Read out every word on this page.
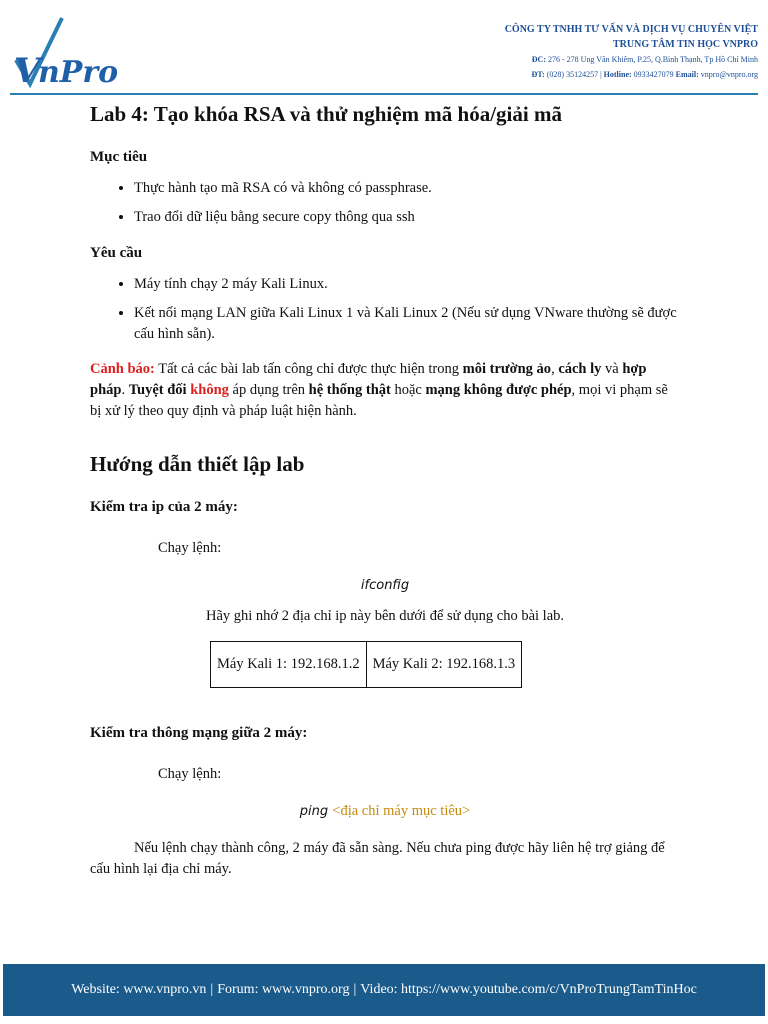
V
nPro
CÔNG TY TNHH TƯ VẤN VÀ DỊCH VỤ CHUYÊN VIỆT
TRUNG TÂM TIN HỌC VNPRO
ĐC: 276 - 278 Ung Văn Khiêm, P.25, Q.Bình Thạnh, Tp Hồ Chí Minh
ĐT: (028) 35124257 | Hotline: 0933427079 Email: vnpro@vnpro.org
Lab 4: Tạo khóa RSA và thử nghiệm mã hóa/giải mã
Mục tiêu
• Thực hành tạo mã RSA có và không có passphrase.
• Trao đổi dữ liệu bằng secure copy thông qua ssh
Yêu cầu
• Máy tính chạy 2 máy Kali Linux.
• Kết nối mạng LAN giữa Kali Linux 1 và Kali Linux 2 (Nếu sử dụng VNware thường sẽ được cấu hình sẵn).

Cảnh báo: Tất cả các bài lab tấn công chỉ được thực hiện trong môi trường ảo, cách ly và hợp pháp. Tuyệt đối không áp dụng trên hệ thống thật hoặc mạng không được phép, mọi vi phạm sẽ bị xử lý theo quy định và pháp luật hiện hành.

Hướng dẫn thiết lập lab
Kiểm tra ip của 2 máy:

Chạy lệnh:

ifconfig

Hãy ghi nhớ 2 địa chỉ ip này bên dưới để sử dụng cho bài lab.

Máy Kali 1: 192.168.1.2	Máy Kali 2: 192.168.1.3
Kiểm tra thông mạng giữa 2 máy:

Chạy lệnh:

ping <địa chỉ máy mục tiêu>

Nếu lệnh chạy thành công, 2 máy đã sẵn sàng. Nếu chưa ping được hãy liên hệ trợ giảng để cấu hình lại địa chỉ máy.

Website: www.vnpro.vn | Forum: www.vnpro.org | Video: https://www.youtube.com/c/VnProTrungTamTinHoc
